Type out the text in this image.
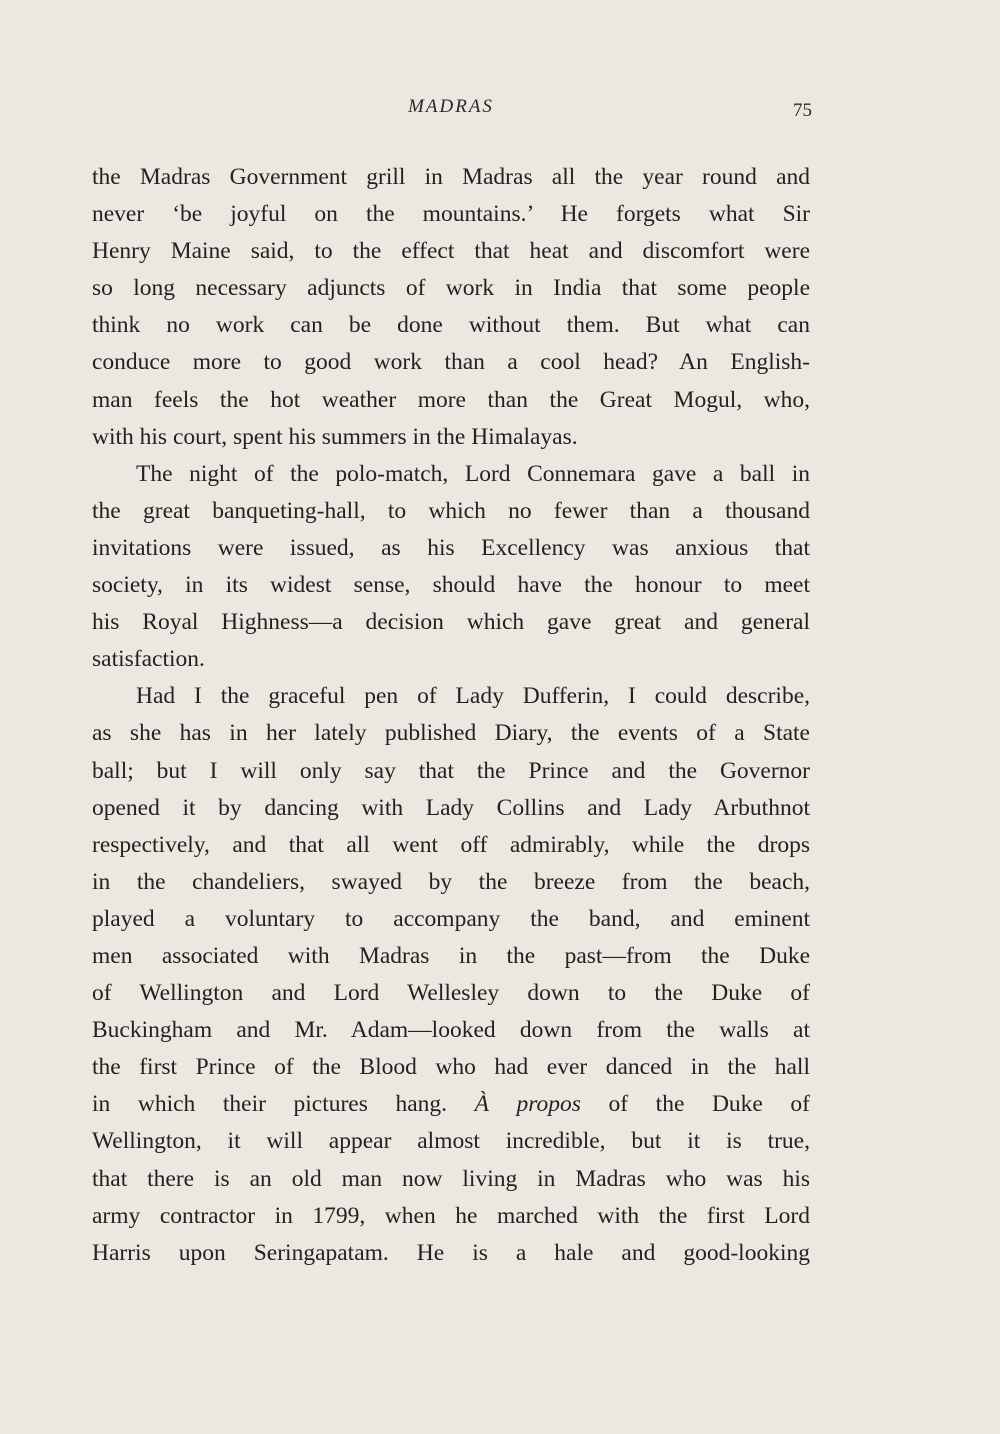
MADRAS	75
the Madras Government grill in Madras all the year round and
never ‘be joyful on the mountains.’ He forgets what Sir
Henry Maine said, to the effect that heat and discomfort were
so long necessary adjuncts of work in India that some people
think no work can be done without them. But what can
conduce more to good work than a cool head? An English-
man feels the hot weather more than the Great Mogul, who,
with his court, spent his summers in the Himalayas.
The night of the polo-match, Lord Connemara gave a ball in
the great banqueting-hall, to which no fewer than a thousand
invitations were issued, as his Excellency was anxious that
society, in its widest sense, should have the honour to meet
his Royal Highness—a decision which gave great and general
satisfaction.
Had I the graceful pen of Lady Dufferin, I could describe,
as she has in her lately published Diary, the events of a State
ball; but I will only say that the Prince and the Governor
opened it by dancing with Lady Collins and Lady Arbuthnot
respectively, and that all went off admirably, while the drops
in the chandeliers, swayed by the breeze from the beach,
played a voluntary to accompany the band, and eminent
men associated with Madras in the past—from the Duke
of Wellington and Lord Wellesley down to the Duke of
Buckingham and Mr. Adam—looked down from the walls at
the first Prince of the Blood who had ever danced in the hall
in which their pictures hang. À propos of the Duke of
Wellington, it will appear almost incredible, but it is true,
that there is an old man now living in Madras who was his
army contractor in 1799, when he marched with the first Lord
Harris upon Seringapatam. He is a hale and good-looking
